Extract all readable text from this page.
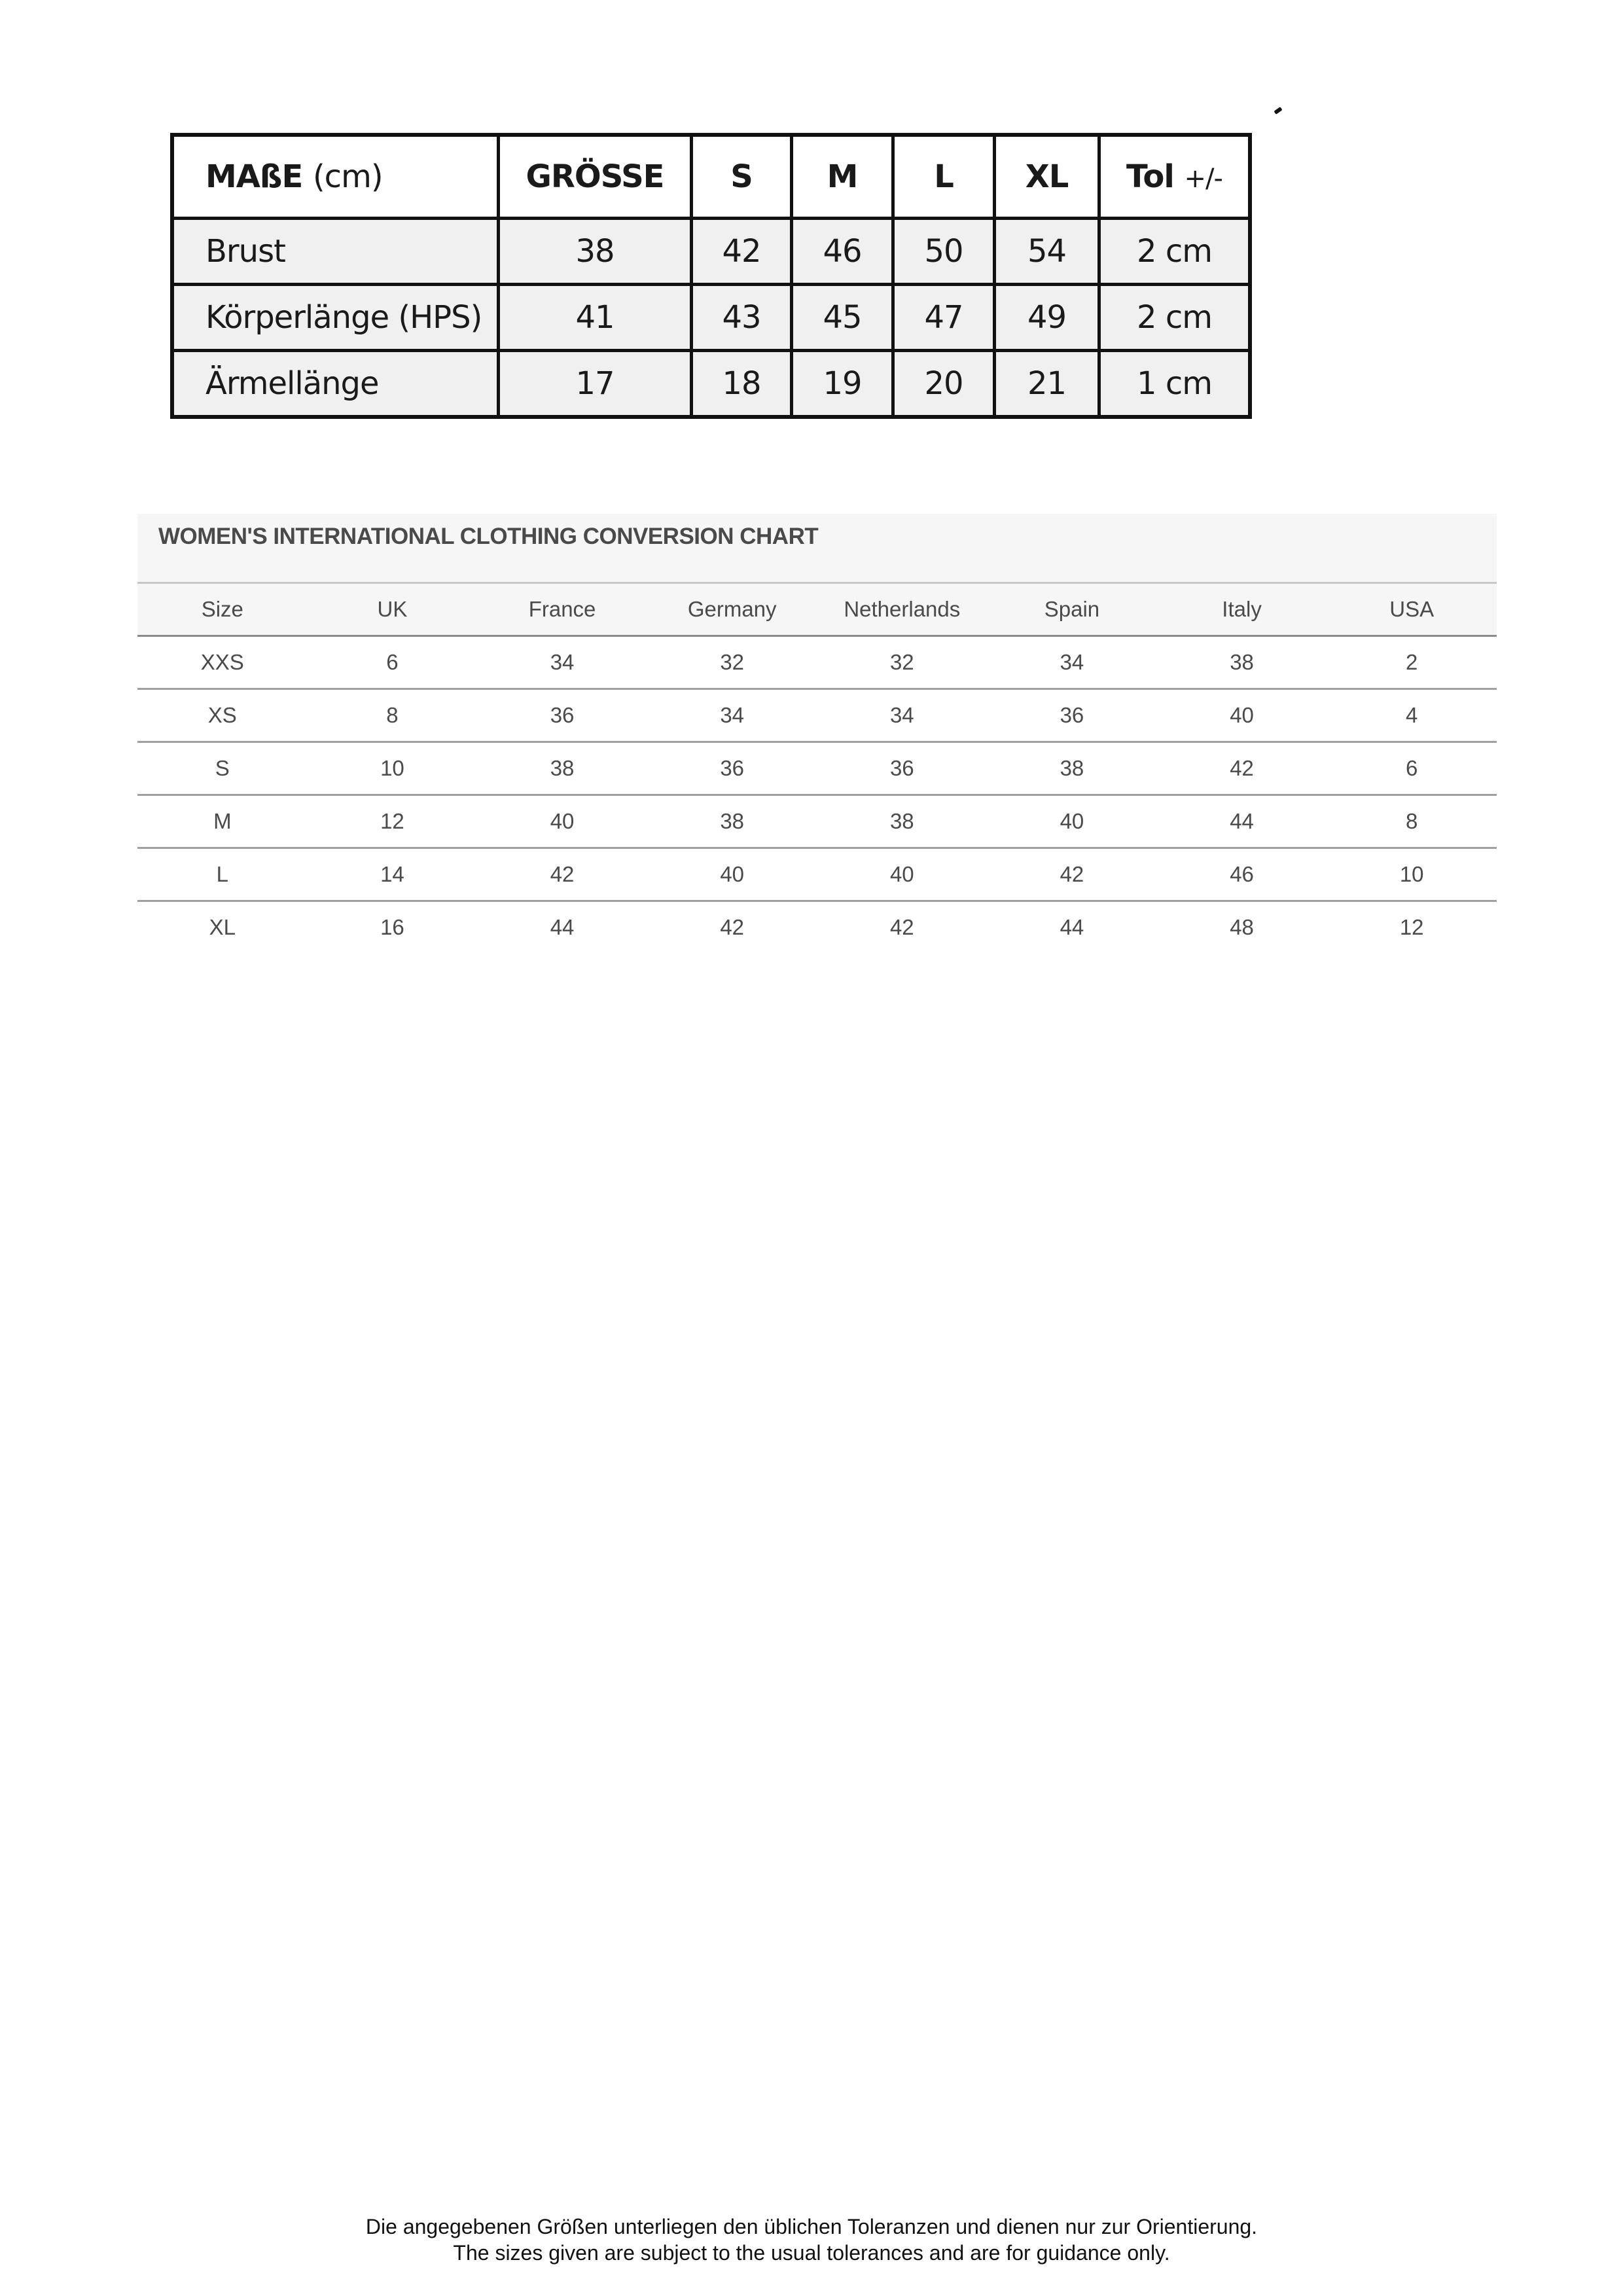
MAßE (cm)	GRÖSSE	S	M	L	XL	Tol +/-
Brust	38	42	46	50	54	2 cm
Körperlänge (HPS)	41	43	45	47	49	2 cm
Ärmellänge	17	18	19	20	21	1 cm
WOMEN'S INTERNATIONAL CLOTHING CONVERSION CHART
Size	UK	France	Germany	Netherlands	Spain	Italy	USA
XXS	6	34	32	32	34	38	2
XS	8	36	34	34	36	40	4
S	10	38	36	36	38	42	6
M	12	40	38	38	40	44	8
L	14	42	40	40	42	46	10
XL	16	44	42	42	44	48	12
Die angegebenen Größen unterliegen den üblichen Toleranzen und dienen nur zur Orientierung.
The sizes given are subject to the usual tolerances and are for guidance only.
